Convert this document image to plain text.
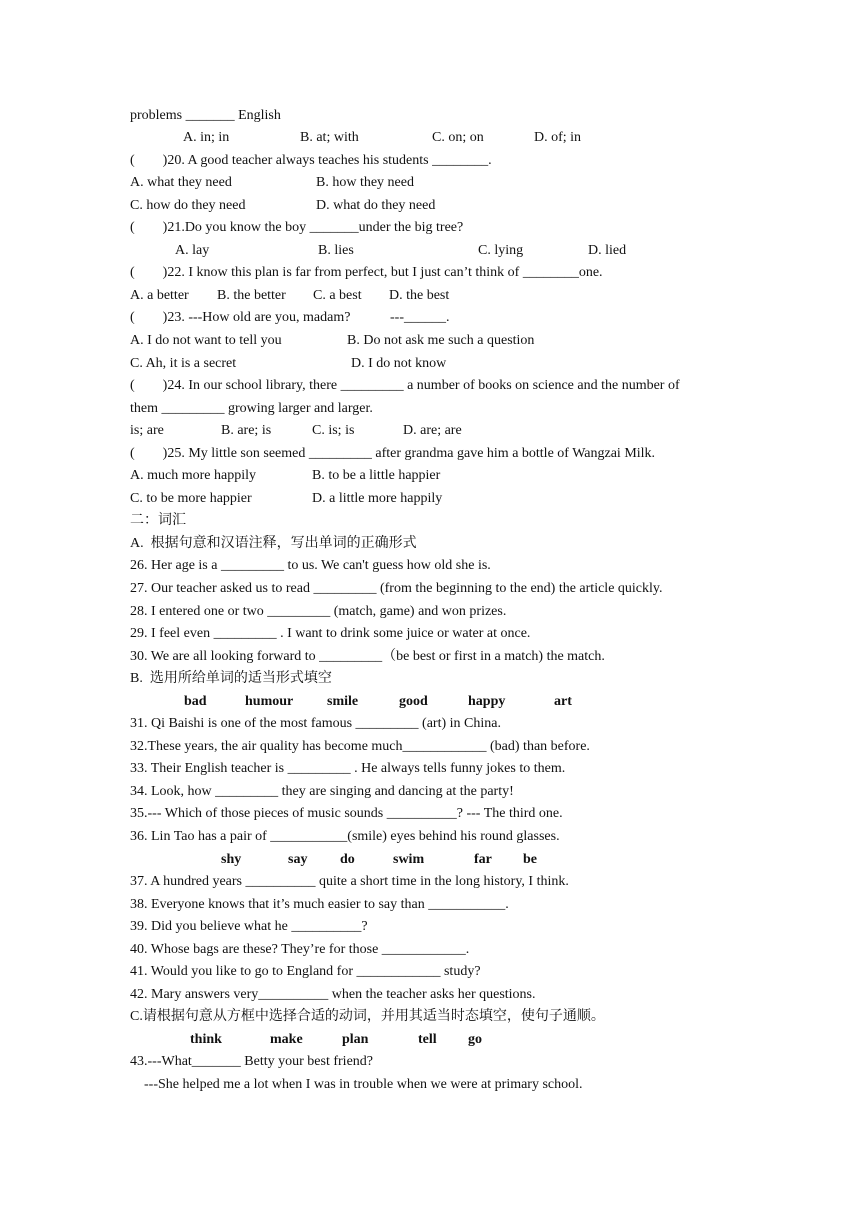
problems _______ English
A. in; in	B. at; with	C. on; on	D. of; in
(        )20. A good teacher always teaches his students ________.
A. what they need	B. how they need
C. how do they need	D. what do they need
(        )21.Do you know the boy _______under the big tree?
A. lay	B. lies	C. lying	D. lied
(        )22. I know this plan is far from perfect, but I just can’t think of ________one.
A. a better B. the better C. a best D. the best
(        )23. ---How old are you, madam?	---______.
A. I do not want to tell you	B. Do not ask me such a question
C. Ah, it is a secret	D. I do not know
(        )24. In our school library, there _________ a number of books on science and the number of
them _________ growing larger and larger.
is; are	B. are; is	C. is; is	D. are; are
(        )25. My little son seemed _________ after grandma gave him a bottle of Wangzai Milk.
A. much more happily	B. to be a little happier
C. to be more happier	D. a little more happily
二：词汇
A.  根据句意和汉语注释，写出单词的正确形式
26. Her age is a _________ to us. We can't guess how old she is.
27. Our teacher asked us to read _________ (from the beginning to the end) the article quickly.
28. I entered one or two _________ (match, game) and won prizes.
29. I feel even _________ . I want to drink some juice or water at once.
30. We are all looking forward to _________（be best or first in a match) the match.
B.  选用所给单词的适当形式填空
bad	humour smile	good	happy	art
31. Qi Baishi is one of the most famous _________ (art) in China.
32.These years, the air quality has become much____________ (bad) than before.
33. Their English teacher is _________ . He always tells funny jokes to them.
34. Look, how _________ they are singing and dancing at the party!
35.--- Which of those pieces of music sounds __________? --- The third one.
36. Lin Tao has a pair of ___________(smile) eyes behind his round glasses.
shy	say do	swim	far be
37. A hundred years __________ quite a short time in the long history, I think.
38. Everyone knows that it’s much easier to say than ___________.
39. Did you believe what he __________?
40. Whose bags are these? They’re for those ____________.
41. Would you like to go to England for ____________ study?
42. Mary answers very__________ when the teacher asks her questions.
C.请根据句意从方框中选择合适的动词，并用其适当时态填空，使句子通顺。
think	make	plan	tell go
43.---What_______ Betty your best friend?
---She helped me a lot when I was in trouble when we were at primary school.
